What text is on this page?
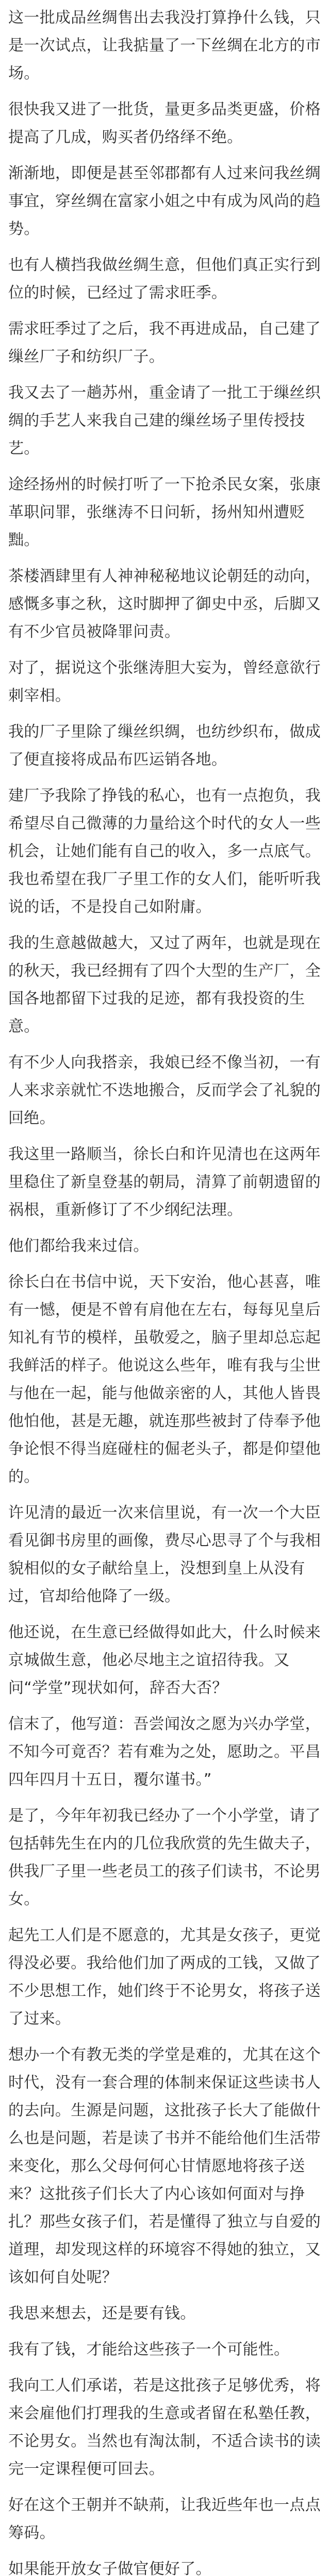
这一批成品丝绸售出去我没打算挣什么钱，只是一次试点，让我掂量了一下丝绸在北方的市场。

很快我又进了一批货，量更多品类更盛，价格提高了几成，购买者仍络绎不绝。

渐渐地，即便是甚至邻郡都有人过来问我丝绸事宜，穿丝绸在富家小姐之中有成为风尚的趋势。

也有人横挡我做丝绸生意，但他们真正实行到位的时候，已经过了需求旺季。

需求旺季过了之后，我不再进成品，自己建了缫丝厂子和纺织厂子。

我又去了一趟苏州，重金请了一批工于缫丝织绸的手艺人来我自己建的缫丝场子里传授技艺。

途经扬州的时候打听了一下抢杀民女案，张康革职问罪，张继涛不日问斩，扬州知州遭贬黜。

茶楼酒肆里有人神神秘秘地议论朝廷的动向，感慨多事之秋，这时脚押了御史中丞，后脚又有不少官员被降罪问责。

对了，据说这个张继涛胆大妄为，曾经意欲行刺宰相。

我的厂子里除了缫丝织绸，也纺纱织布，做成了便直接将成品布匹运销各地。

建厂予我除了挣钱的私心，也有一点抱负，我希望尽自己微薄的力量给这个时代的女人一些机会，让她们能有自己的收入，多一点底气。我也希望在我厂子里工作的女人们，能听听我说的话，不是投自己如附庸。

我的生意越做越大，又过了两年，也就是现在的秋天，我已经拥有了四个大型的生产厂，全国各地都留下过我的足迹，都有我投资的生意。

有不少人向我搭亲，我娘已经不像当初，一有人来求亲就忙不迭地搬合，反而学会了礼貌的回绝。

我这里一路顺当，徐长白和许见清也在这两年里稳住了新皇登基的朝局，清算了前朝遗留的祸根，重新修订了不少纲纪法理。

他们都给我来过信。

徐长白在书信中说，天下安治，他心甚喜，唯有一憾，便是不曾有肩他在左右，每每见皇后知礼有节的模样，虽敬爱之，脑子里却总忘起我鲜活的样子。他说这么些年，唯有我与尘世与他在一起，能与他做亲密的人，其他人皆畏他怕他，甚是无趣，就连那些被封了侍奉予他争论恨不得当庭碰柱的倔老头子，都是仰望他的。

许见清的最近一次来信里说，有一次一个大臣看见御书房里的画像，费尽心思寻了个与我相貌相似的女子献给皇上，没想到皇上从没有过，官却给他降了一级。

他还说，在生意已经做得如此大，什么时候来京城做生意，他必尽地主之谊招待我。又问“学堂”现状如何，辞否大否？

信末了，他写道：吾尝闻汝之愿为兴办学堂，不知今可竟否？若有难为之处，愿助之。平昌四年四月十五日，覆尔谨书。”

是了，今年年初我已经办了一个小学堂，请了包括韩先生在内的几位我欣赏的先生做夫子，供我厂子里一些老员工的孩子们读书，不论男女。

起先工人们是不愿意的，尤其是女孩子，更觉得没必要。我给他们加了两成的工钱，又做了不少思想工作，她们终于不论男女，将孩子送了过来。

想办一个有教无类的学堂是难的，尤其在这个时代，没有一套合理的体制来保证这些读书人的去向。生源是问题，这批孩子长大了能做什么也是问题，若是读了书并不能给他们生活带来变化，那么父母何何心甘情愿地将孩子送来？这批孩子们长大了内心该如何面对与挣扎？那些女孩子们，若是懂得了独立与自爱的道理，却发现这样的环境容不得她的独立，又该如何自处呢？

我思来想去，还是要有钱。

我有了钱，才能给这些孩子一个可能性。

我向工人们承诺，若是这批孩子足够优秀，将来会雇他们打理我的生意或者留在私塾任教，不论男女。当然也有淘汰制，不适合读书的读完一定课程便可回去。

好在这个王朝并不缺荊，让我近些年也一点点筹码。

如果能开放女子做官便好了。
